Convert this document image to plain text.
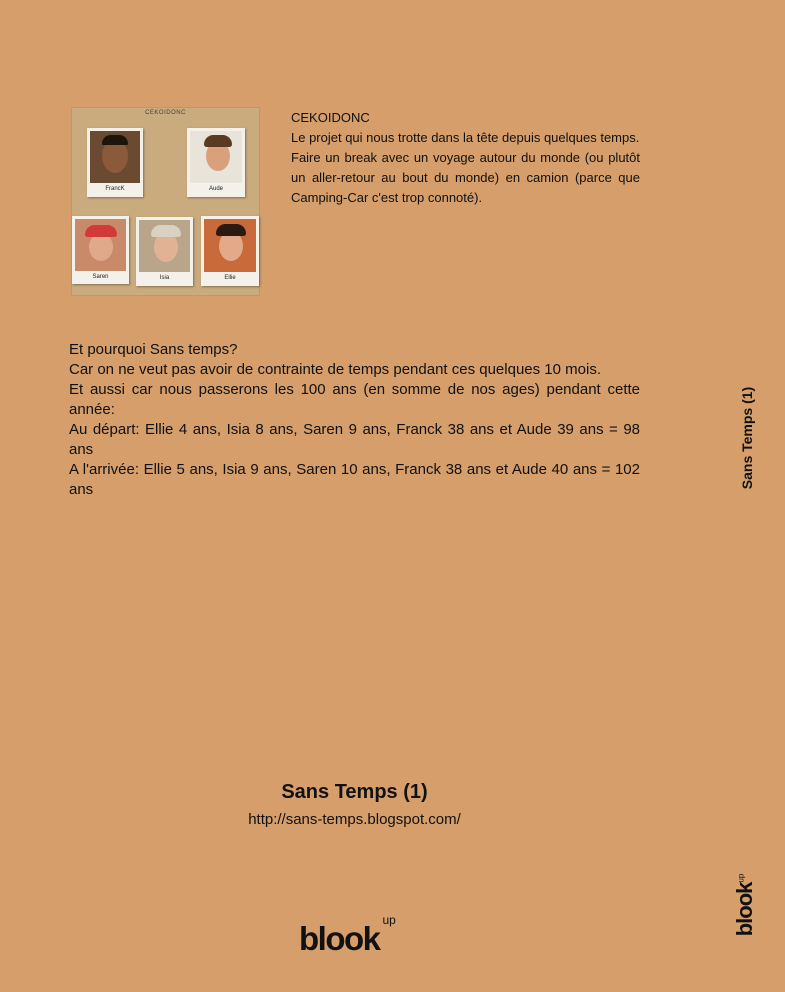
CEKOIDONC
FrancK	Aude
Saren	Isia	Ellie

CEKOIDONC

Le projet qui nous trotte dans la tête depuis quelques temps.

Faire un break avec un voyage autour du monde (ou plutôt un aller-retour au bout du monde) en camion (parce que Camping-Car c'est trop connoté).

Et pourquoi Sans temps?

Car on ne veut pas avoir de contrainte de temps pendant ces quelques 10 mois.

Et aussi car nous passerons les 100 ans (en somme de nos ages) pendant cette année:

Au départ: Ellie 4 ans, Isia 8 ans, Saren 9 ans, Franck 38 ans et Aude 39 ans = 98 ans

A l'arrivée: Ellie 5 ans, Isia 9 ans, Saren 10 ans, Franck 38 ans et Aude 40 ans = 102 ans

Sans Temps (1)
Sans Temps (1)
http://sans-temps.blogspot.com/
blook $^{up}$	blook$^{up}$
